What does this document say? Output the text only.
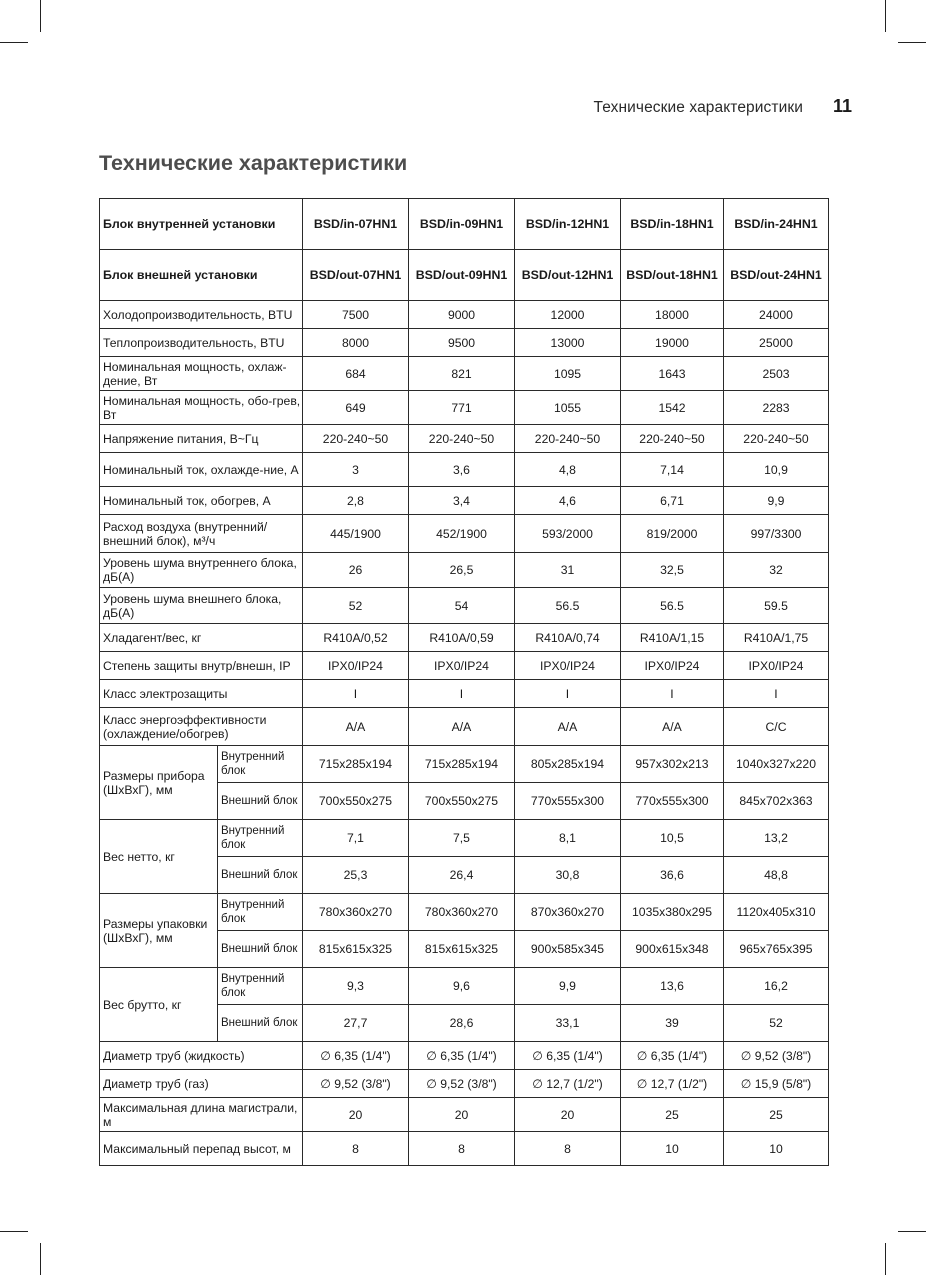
Технические характеристики 11
Технические характеристики
Блок внутренней установки		BSD/in-07HN1	BSD/in-09HN1	BSD/in-12HN1	BSD/in-18HN1	BSD/in-24HN1
Блок внешней установки		BSD/out-07HN1	BSD/out-09HN1	BSD/out-12HN1	BSD/out-18HN1	BSD/out-24HN1
Холодопроизводительность, BTU		7500	9000	12000	18000	24000
Теплопроизводительность, BTU		8000	9500	13000	19000	25000
Номинальная мощность, охлаж-дение, Вт		684	821	1095	1643	2503
Номинальная мощность, обо-грев, Вт		649	771	1055	1542	2283
Напряжение питания, В~Гц		220-240~50	220-240~50	220-240~50	220-240~50	220-240~50
Номинальный ток, охлажде-ние, А		3	3,6	4,8	7,14	10,9
Номинальный ток, обогрев, А		2,8	3,4	4,6	6,71	9,9
Расход воздуха (внутренний/внешний блок), м³/ч		445/1900	452/1900	593/2000	819/2000	997/3300
Уровень шума внутреннего блока, дБ(А)		26	26,5	31	32,5	32
Уровень шума внешнего блока, дБ(А)		52	54	56.5	56.5	59.5
Хладагент/вес, кг		R410A/0,52	R410A/0,59	R410A/0,74	R410A/1,15	R410A/1,75
Степень защиты внутр/внешн, IP		IPX0/IP24	IPX0/IP24	IPX0/IP24	IPX0/IP24	IPX0/IP24
Класс электрозащиты		I	I	I	I	I
Класс энергоэффективности (охлаждение/обогрев)		A/A	A/A	A/A	A/A	C/C
Размеры прибора (ШхВхГ), мм	Внутренний блок	715x285x194	715x285x194	805x285x194	957x302x213	1040x327x220
	Внешний блок	700x550x275	700x550x275	770x555x300	770x555x300	845x702x363
Вес нетто, кг	Внутренний блок	7,1	7,5	8,1	10,5	13,2
	Внешний блок	25,3	26,4	30,8	36,6	48,8
Размеры упаковки (ШхВхГ), мм	Внутренний блок	780x360x270	780x360x270	870x360x270	1035x380x295	1120x405x310
	Внешний блок	815x615x325	815x615x325	900x585x345	900x615x348	965x765x395
Вес брутто, кг	Внутренний блок	9,3	9,6	9,9	13,6	16,2
	Внешний блок	27,7	28,6	33,1	39	52
Диаметр труб (жидкость)		∅ 6,35 (1/4")	∅ 6,35 (1/4")	∅ 6,35 (1/4")	∅ 6,35 (1/4")	∅ 9,52 (3/8")
Диаметр труб (газ)		∅ 9,52 (3/8")	∅ 9,52 (3/8")	∅ 12,7 (1/2")	∅ 12,7 (1/2")	∅ 15,9 (5/8")
Максимальная длина магистрали, м		20	20	20	25	25
Максимальный перепад высот, м		8	8	8	10	10
